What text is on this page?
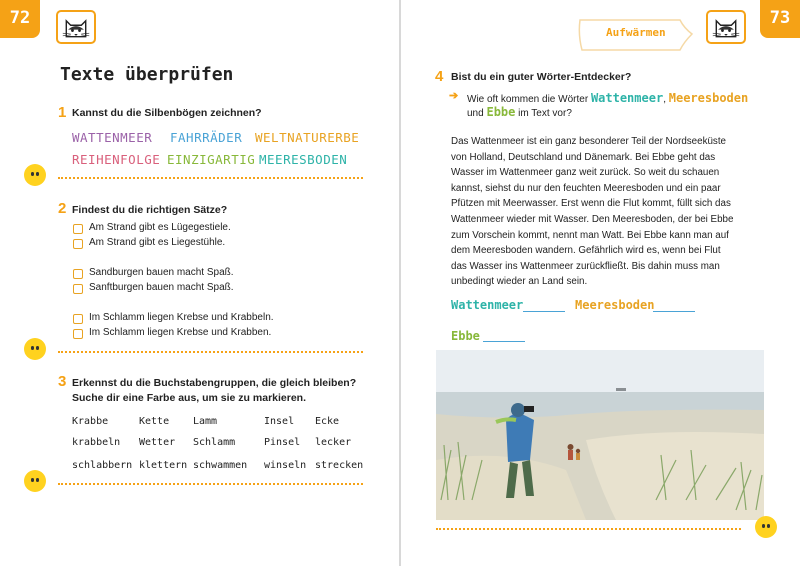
72
Texte überprüfen
1 Kannst du die Silbenbögen zeichnen?
WATTENMEER FAHRRÄDER WELTNATURERBE
REIHENFOLGE EINZIGARTIG MEERESBODEN
2 Findest du die richtigen Sätze?
Am Strand gibt es Lügegestiele.
Am Strand gibt es Liegestühle.
Sandburgen bauen macht Spaß.
Sanftburgen bauen macht Spaß.
Im Schlamm liegen Krebse und Krabbeln.
Im Schlamm liegen Krebse und Krabben.
3 Erkennst du die Buchstabengruppen, die gleich bleiben?
Suche dir eine Farbe aus, um sie zu markieren.
Krabbe	Kette Lamm	Insel Ecke
krabbeln Wetter Schlamm	Pinsel lecker
schlabbern klettern schwammen winseln strecken
73
Aufwärmen
4 Bist du ein guter Wörter-Entdecker?
➔ Wie oft kommen die Wörter Wattenmeer, Meeresboden
und Ebbe im Text vor?
Das Wattenmeer ist ein ganz besonderer Teil der Nordseeküste
von Holland, Deutschland und Dänemark. Bei Ebbe geht das
Wasser im Wattenmeer ganz weit zurück. So weit du schauen
kannst, siehst du nur den feuchten Meeresboden und ein paar
Pfützen mit Meerwasser. Erst wenn die Flut kommt, füllt sich das
Wattenmeer wieder mit Wasser. Den Meeresboden, der bei Ebbe
zum Vorschein kommt, nennt man Watt. Bei Ebbe kann man auf
dem Meeresboden wandern. Gefährlich wird es, wenn bei Flut
das Wasser ins Wattenmeer zurückfließt. Bis dahin muss man
unbedingt wieder an Land sein.
Wattenmeer	Meeresboden
Ebbe
